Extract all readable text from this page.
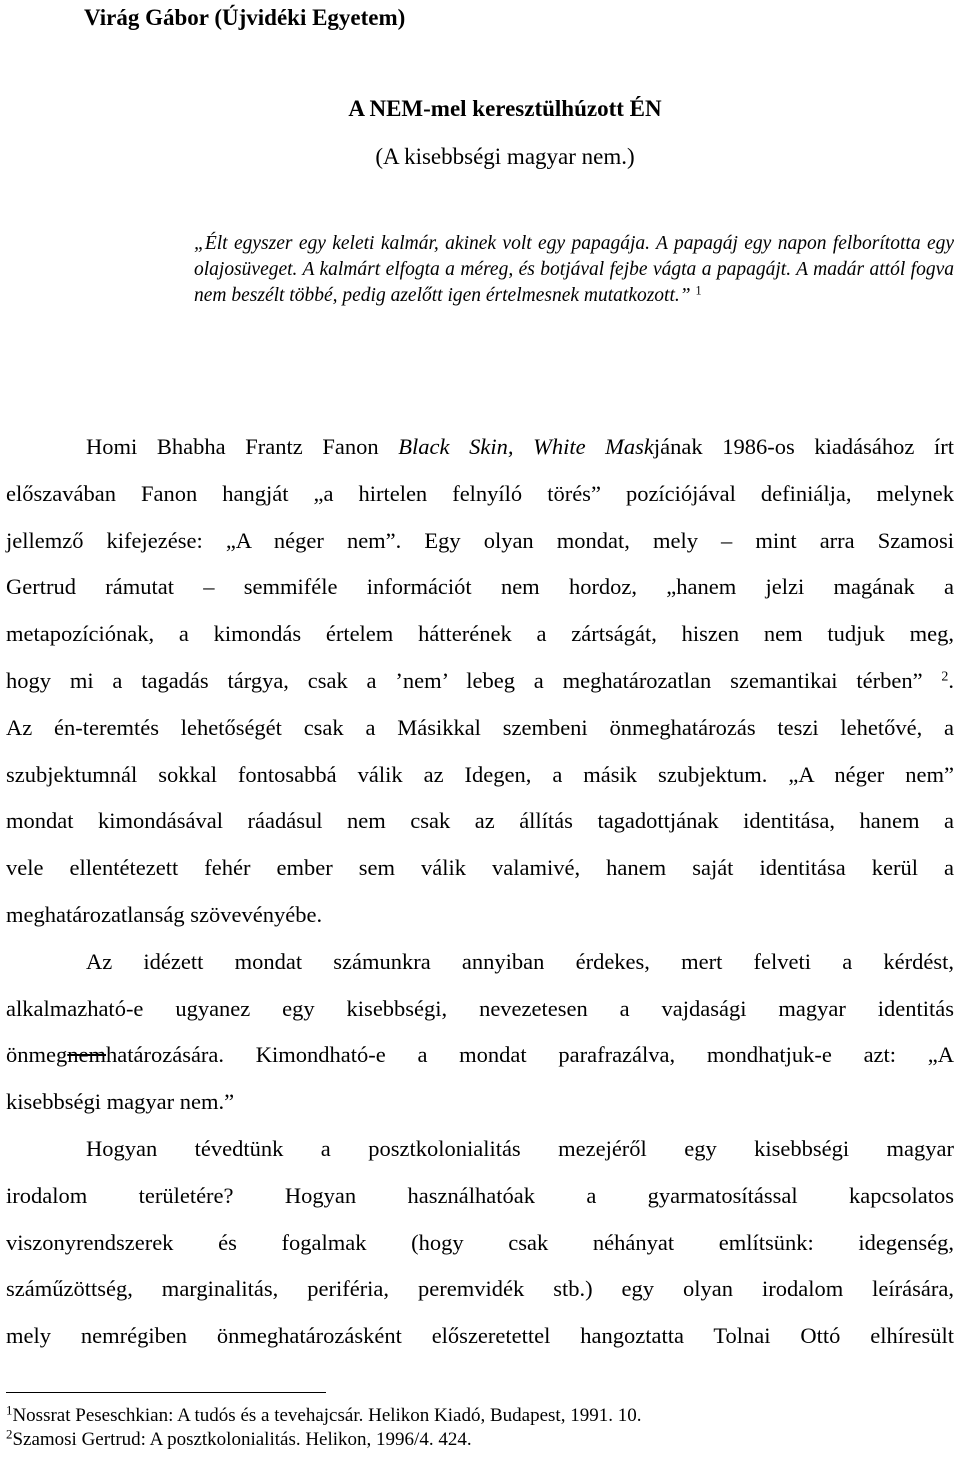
Virág Gábor (Újvidéki Egyetem)
A NEM-mel keresztülhúzott ÉN
(A kisebbségi magyar nem.)
„Élt egyszer egy keleti kalmár, akinek volt egy papagája. A papagáj egy napon felborította egy olajosüveget. A kalmárt elfogta a méreg, és botjával fejbe vágta a papagájt. A madár attól fogva nem beszélt többé, pedig azelőtt igen értelmesnek mutatkozott.” $^1$
Homi Bhabha Frantz Fanon Black Skin, White Maskjának 1986-os kiadásához írt
előszavában Fanon hangját „a hirtelen felnyíló törés” pozíciójával definiálja, melynek
jellemző kifejezése: „A néger nem”. Egy olyan mondat, mely – mint arra Szamosi
Gertrud rámutat – semmiféle információt nem hordoz, „hanem jelzi magának a
metapozíciónak, a kimondás értelem hátterének a zártságát, hiszen nem tudjuk meg,
hogy mi a tagadás tárgya, csak a ’nem’ lebeg a meghatározatlan szemantikai térben” $^2$.
Az én-teremtés lehetőségét csak a Másikkal szembeni önmeghatározás teszi lehetővé, a
szubjektumnál sokkal fontosabbá válik az Idegen, a másik szubjektum. „A néger nem”
mondat kimondásával ráadásul nem csak az állítás tagadottjának identitása, hanem a
vele ellentétezett fehér ember sem válik valamivé, hanem saját identitása kerül a
meghatározatlanság szövevényébe.
Az idézett mondat számunkra annyiban érdekes, mert felveti a kérdést,
alkalmazható-e ugyanez egy kisebbségi, nevezetesen a vajdasági magyar identitás
önmegnemhatározására. Kimondható-e a mondat parafrazálva, mondhatjuk-e azt: „A
kisebbségi magyar nem.”
Hogyan tévedtünk a posztkolonialitás mezejéről egy kisebbségi magyar
irodalom területére? Hogyan használhatóak a gyarmatosítással kapcsolatos
viszonyrendszerek és fogalmak (hogy csak néhányat említsünk: idegenség,
száműzöttség, marginalitás, periféria, peremvidék stb.) egy olyan irodalom leírására,
mely nemrégiben önmeghatározásként előszeretettel hangoztatta Tolnai Ottó elhíresült
$^1$Nossrat Peseschkian: A tudós és a tevehajcsár. Helikon Kiadó, Budapest, 1991. 10.
$^2$Szamosi Gertrud: A posztkolonialitás. Helikon, 1996/4. 424.
